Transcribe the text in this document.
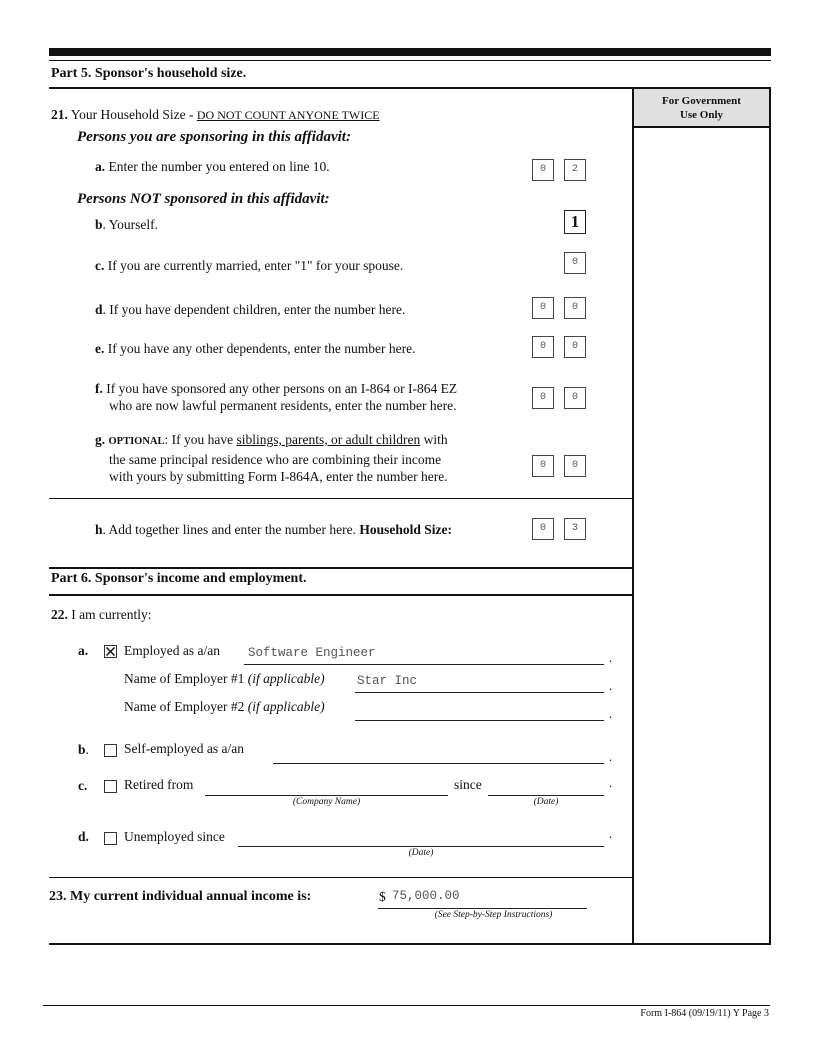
Part 5. Sponsor's household size.
For Government
Use Only
21. Your Household Size - DO NOT COUNT ANYONE TWICE
Persons you are sponsoring in this affidavit:
a. Enter the number you entered on line 10.	0	2
Persons NOT sponsored in this affidavit:
b. Yourself.	1
c. If you are currently married, enter "1" for your spouse.	0
d. If you have dependent children, enter the number here.	0	0
e. If you have any other dependents, enter the number here.	0	0
f. If you have sponsored any other persons on an I-864 or I-864 EZ
who are now lawful permanent residents, enter the number here.
0	0
g. OPTIONAL: If you have siblings, parents, or adult children with
the same principal residence who are combining their income
with yours by submitting Form I-864A, enter the number here.
0	0
h. Add together lines and enter the number here. Household Size:	0	3
Part 6. Sponsor's income and employment.
22. I am currently:
a.	Employed as a/an Software Engineer	.
Name of Employer #1 (if applicable)	Star Inc	.
Name of Employer #2 (if applicable)	.
b.	Self-employed as a/an
.
c.	Retired from
(Company Name)
since
(Date)
.
d.	Unemployed since
(Date)
.
23. My current individual annual income is:	$ 75,000.00
(See Step-by-Step Instructions)
Form I-864 (09/19/11) Y Page 3
